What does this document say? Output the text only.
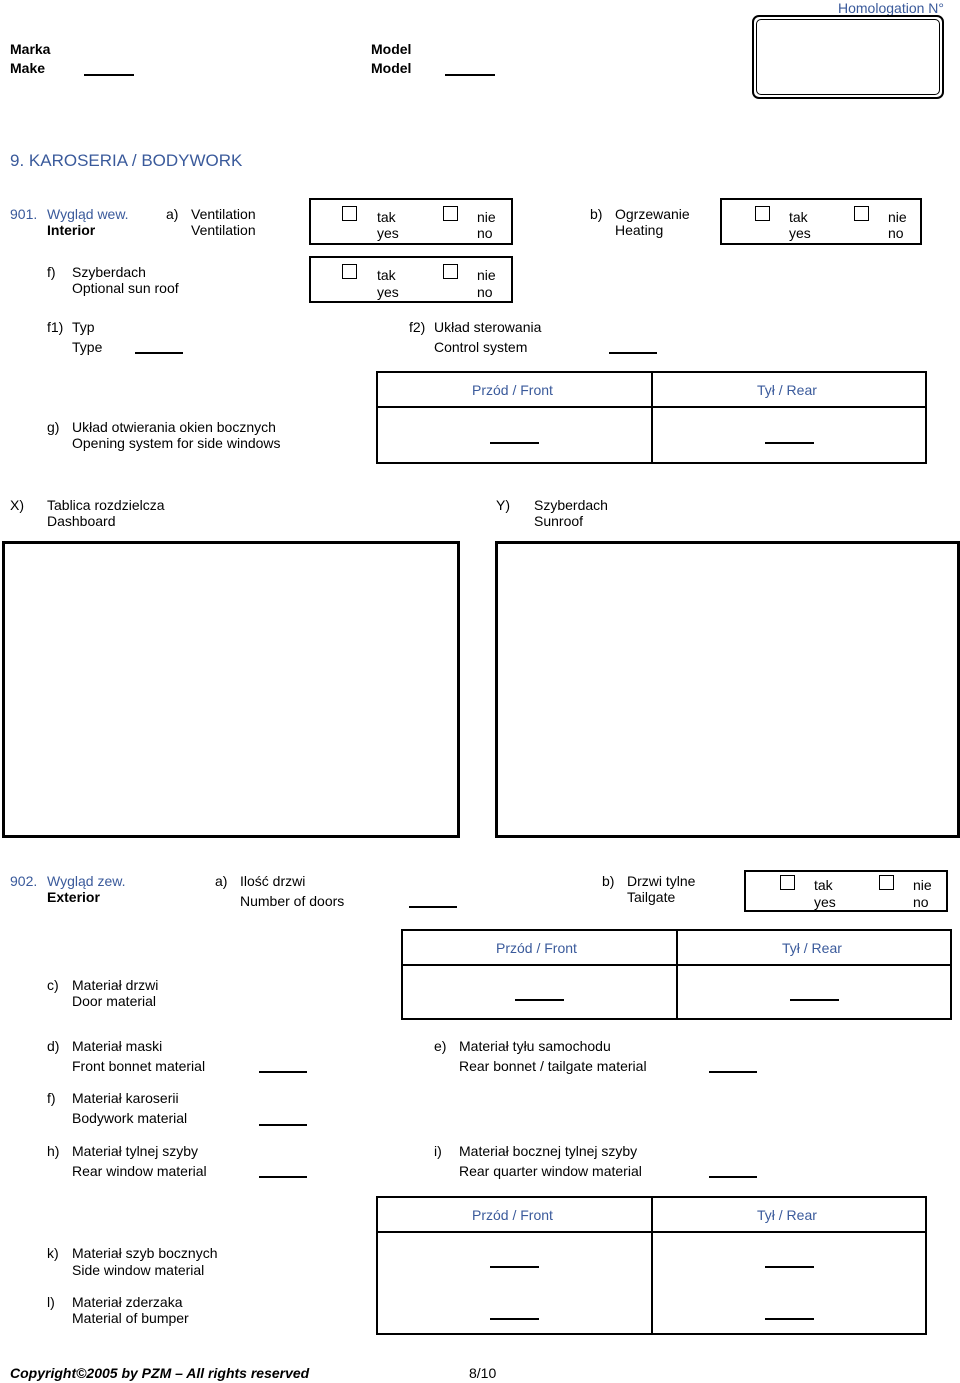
Homologation N°
Marka
Make
Model
Model
9. KAROSERIA / BODYWORK
901. Wygląd wew.
Interior
a) Ventilation
Ventilation
tak
yes
nie
no
b) Ogrzewanie
Heating
tak
yes
nie
no
f) Szyberdach
Optional sun roof
tak
yes
nie
no
f1) Typ
Type
f2) Układ sterowania
Control system
Przód / Front	Tył / Rear
g) Układ otwierania okien bocznych
Opening system for side windows
X) Tablica rozdzielcza
Dashboard
Y) Szyberdach
Sunroof
902. Wygląd zew.
Exterior
a) Ilość drzwi
Number of doors
b) Drzwi tylne
Tailgate
tak
yes
nie
no
Przód / Front	Tył / Rear
c) Materiał drzwi
Door material
d) Materiał maski
Front bonnet material
e) Materiał tyłu samochodu
Rear bonnet / tailgate material
f) Materiał karoserii
Bodywork material
h) Materiał tylnej szyby
Rear window material
i) Materiał bocznej tylnej szyby
Rear quarter window material
Przód / Front	Tył / Rear
k) Materiał szyb bocznych
Side window material
l) Materiał zderzaka
Material of bumper
Copyright©2005 by PZM – All rights reserved	8/10
